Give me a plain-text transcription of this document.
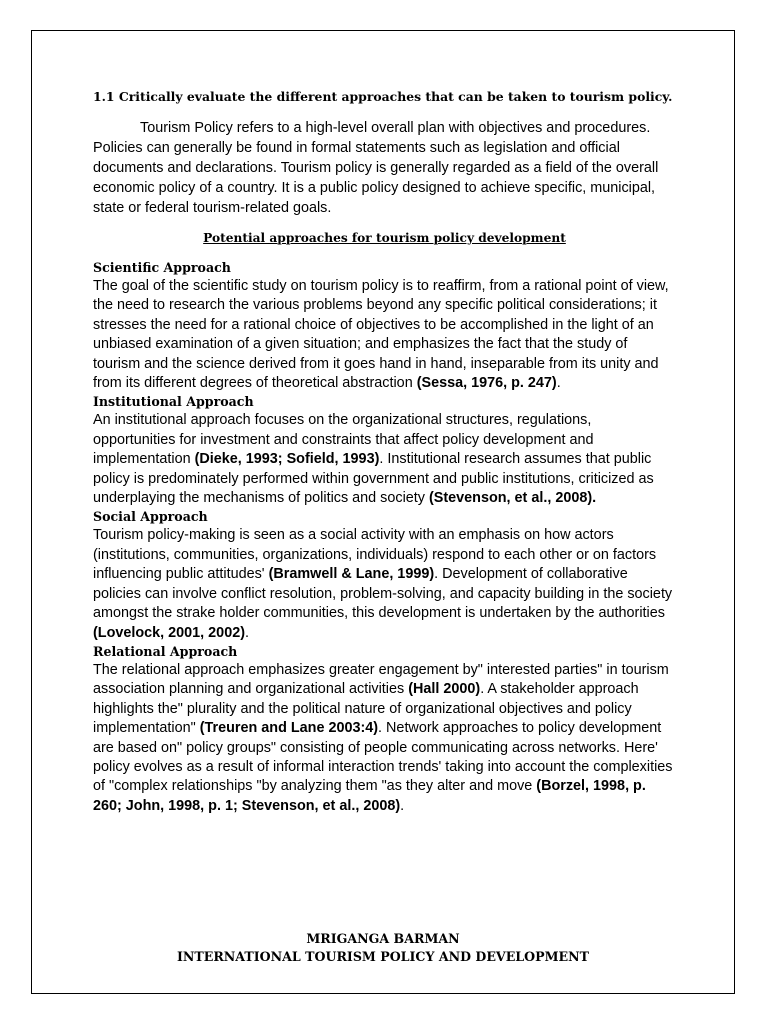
1.1 Critically evaluate the different approaches that can be taken to tourism policy.

Tourism Policy refers to a high-level overall plan with objectives and procedures. Policies can generally be found in formal statements such as legislation and official documents and declarations. Tourism policy is generally regarded as a field of the overall economic policy of a country. It is a public policy designed to achieve specific, municipal, state or federal tourism-related goals.

Potential approaches for tourism policy development

Scientific Approach

The goal of the scientific study on tourism policy is to reaffirm, from a rational point of view, the need to research the various problems beyond any specific political considerations; it stresses the need for a rational choice of objectives to be accomplished in the light of an unbiased examination of a given situation; and emphasizes the fact that the study of tourism and the science derived from it goes hand in hand, inseparable from its unity and from its different degrees of theoretical abstraction (Sessa, 1976, p. 247).

Institutional Approach

An institutional approach focuses on the organizational structures, regulations, opportunities for investment and constraints that affect policy development and implementation (Dieke, 1993; Sofield, 1993). Institutional research assumes that public policy is predominately performed within government and public institutions, criticized as underplaying the mechanisms of politics and society (Stevenson, et al., 2008).

Social Approach

Tourism policy-making is seen as a social activity with an emphasis on how actors (institutions, communities, organizations, individuals) respond to each other or on factors influencing public attitudes' (Bramwell & Lane, 1999). Development of collaborative policies can involve conflict resolution, problem-solving, and capacity building in the society amongst the strake holder communities, this development is undertaken by the authorities (Lovelock, 2001, 2002).

Relational Approach

The relational approach emphasizes greater engagement by" interested parties" in tourism association planning and organizational activities (Hall 2000). A stakeholder approach highlights the" plurality and the political nature of organizational objectives and policy implementation" (Treuren and Lane 2003:4). Network approaches to policy development are based on" policy groups" consisting of people communicating across networks. Here' policy evolves as a result of informal interaction trends' taking into account the complexities of "complex relationships "by analyzing them "as they alter and move (Borzel, 1998, p. 260; John, 1998, p. 1; Stevenson, et al., 2008).

MRIGANGA BARMAN
INTERNATIONAL TOURISM POLICY AND DEVELOPMENT
